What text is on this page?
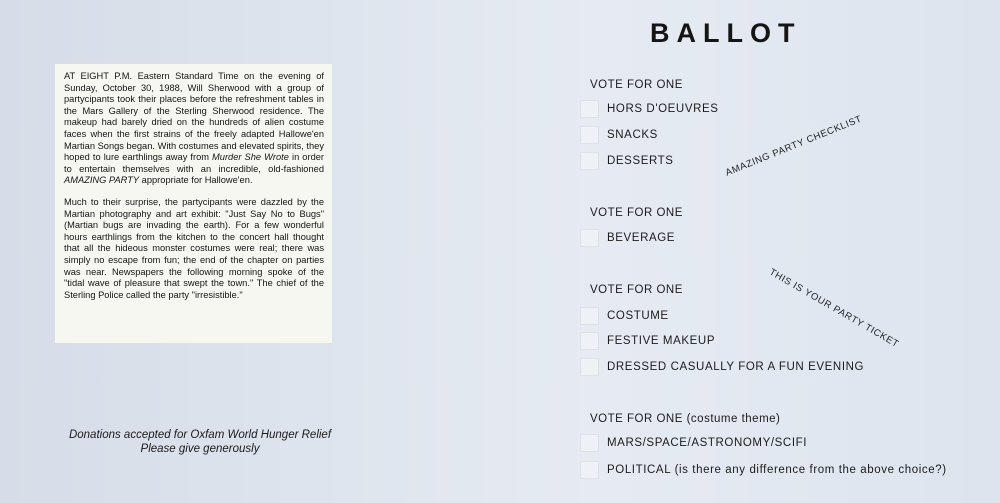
AT EIGHT P.M. Eastern Standard Time on the evening of Sunday, October 30, 1988, Will Sherwood with a group of partycipants took their places before the refreshment tables in the Mars Gallery of the Sterling Sherwood residence. The makeup had barely dried on the hundreds of alien costume faces when the first strains of the freely adapted Hallowe'en Martian Songs began. With costumes and elevated spirits, they hoped to lure earthlings away from Murder She Wrote in order to entertain themselves with an incredible, old-fashioned AMAZING PARTY appropriate for Hallowe'en.

Much to their surprise, the partycipants were dazzled by the Martian photography and art exhibit: "Just Say No to Bugs" (Martian bugs are invading the earth). For a few wonderful hours earthlings from the kitchen to the concert hall thought that all the hideous monster costumes were real; there was simply no escape from fun; the end of the chapter on parties was near. Newspapers the following morning spoke of the "tidal wave of pleasure that swept the town." The chief of the Sterling Police called the party "irresistible."

Donations accepted for Oxfam World Hunger Relief
Please give generously
BALLOT
VOTE FOR ONE
HORS D'OEUVRES
SNACKS
DESSERTS
VOTE FOR ONE
BEVERAGE
VOTE FOR ONE
COSTUME
FESTIVE MAKEUP
DRESSED CASUALLY FOR A FUN EVENING
VOTE FOR ONE (costume theme)
MARS/SPACE/ASTRONOMY/SCIFI
POLITICAL (is there any difference from the above choice?)
AMAZING PARTY CHECKLIST
THIS IS YOUR PARTY TICKET
